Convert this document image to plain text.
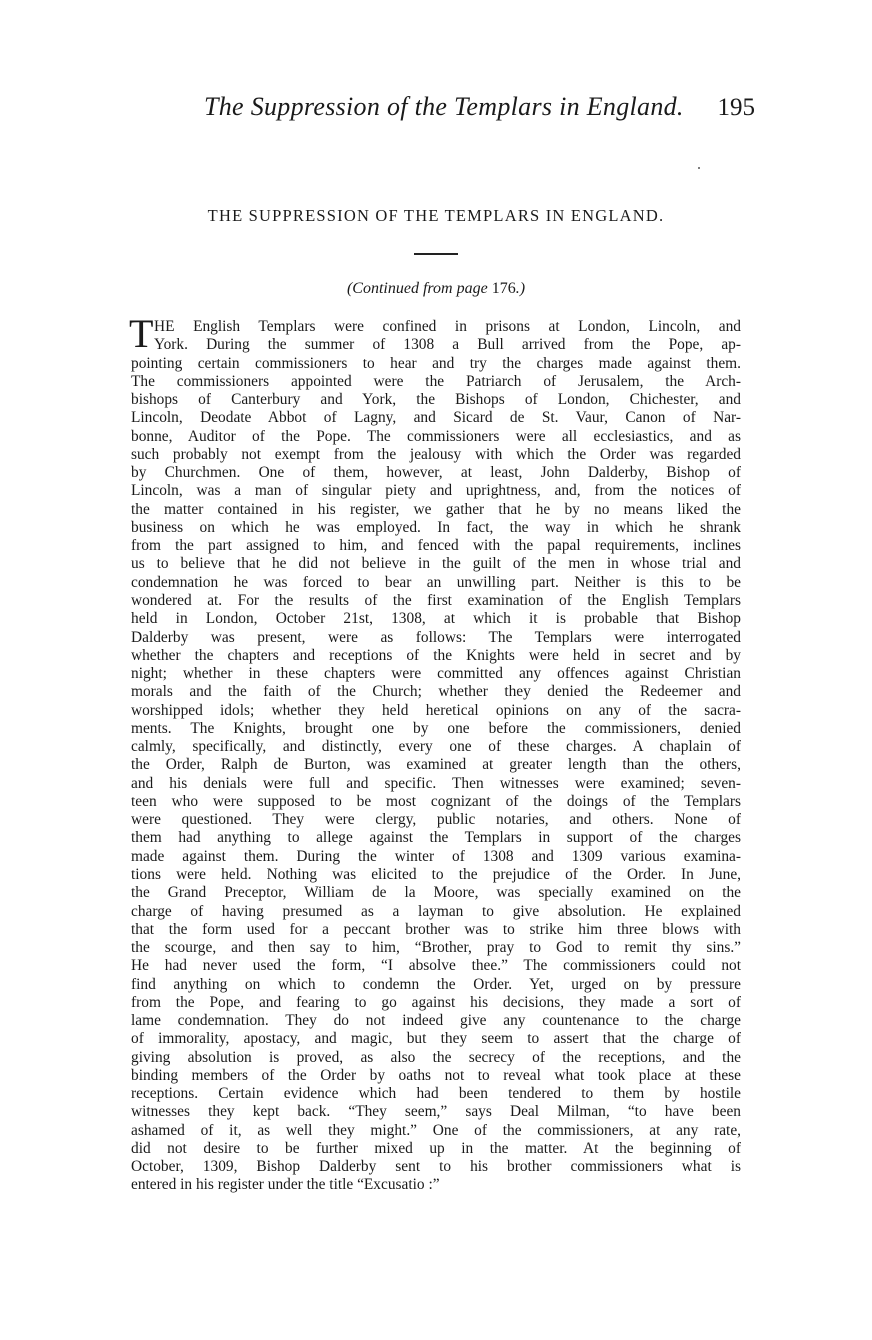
The Suppression of the Templars in England. 195
THE SUPPRESSION OF THE TEMPLARS IN ENGLAND.
(Continued from page 176.)
T HE English Templars were confined in prisons at London, Lincoln, and
York. During the summer of 1308 a Bull arrived from the Pope, ap-
pointing certain commissioners to hear and try the charges made against them.
The commissioners appointed were the Patriarch of Jerusalem, the Arch-
bishops of Canterbury and York, the Bishops of London, Chichester, and
Lincoln, Deodate Abbot of Lagny, and Sicard de St. Vaur, Canon of Nar-
bonne, Auditor of the Pope. The commissioners were all ecclesiastics, and as
such probably not exempt from the jealousy with which the Order was regarded
by Churchmen. One of them, however, at least, John Dalderby, Bishop of
Lincoln, was a man of singular piety and uprightness, and, from the notices of
the matter contained in his register, we gather that he by no means liked the
business on which he was employed. In fact, the way in which he shrank
from the part assigned to him, and fenced with the papal requirements, inclines
us to believe that he did not believe in the guilt of the men in whose trial and
condemnation he was forced to bear an unwilling part. Neither is this to be
wondered at. For the results of the first examination of the English Templars
held in London, October 21st, 1308, at which it is probable that Bishop
Dalderby was present, were as follows: The Templars were interrogated
whether the chapters and receptions of the Knights were held in secret and by
night; whether in these chapters were committed any offences against Christian
morals and the faith of the Church; whether they denied the Redeemer and
worshipped idols; whether they held heretical opinions on any of the sacra-
ments. The Knights, brought one by one before the commissioners, denied
calmly, specifically, and distinctly, every one of these charges. A chaplain of
the Order, Ralph de Burton, was examined at greater length than the others,
and his denials were full and specific. Then witnesses were examined; seven-
teen who were supposed to be most cognizant of the doings of the Templars
were questioned. They were clergy, public notaries, and others. None of
them had anything to allege against the Templars in support of the charges
made against them. During the winter of 1308 and 1309 various examina-
tions were held. Nothing was elicited to the prejudice of the Order. In June,
the Grand Preceptor, William de la Moore, was specially examined on the
charge of having presumed as a layman to give absolution. He explained
that the form used for a peccant brother was to strike him three blows with
the scourge, and then say to him, “Brother, pray to God to remit thy sins.”
He had never used the form, “I absolve thee.” The commissioners could not
find anything on which to condemn the Order. Yet, urged on by pressure
from the Pope, and fearing to go against his decisions, they made a sort of
lame condemnation. They do not indeed give any countenance to the charge
of immorality, apostacy, and magic, but they seem to assert that the charge of
giving absolution is proved, as also the secrecy of the receptions, and the
binding members of the Order by oaths not to reveal what took place at these
receptions. Certain evidence which had been tendered to them by hostile
witnesses they kept back. “They seem,” says Deal Milman, “to have been
ashamed of it, as well they might.” One of the commissioners, at any rate,
did not desire to be further mixed up in the matter. At the beginning of
October, 1309, Bishop Dalderby sent to his brother commissioners what is
entered in his register under the title “Excusatio :”
